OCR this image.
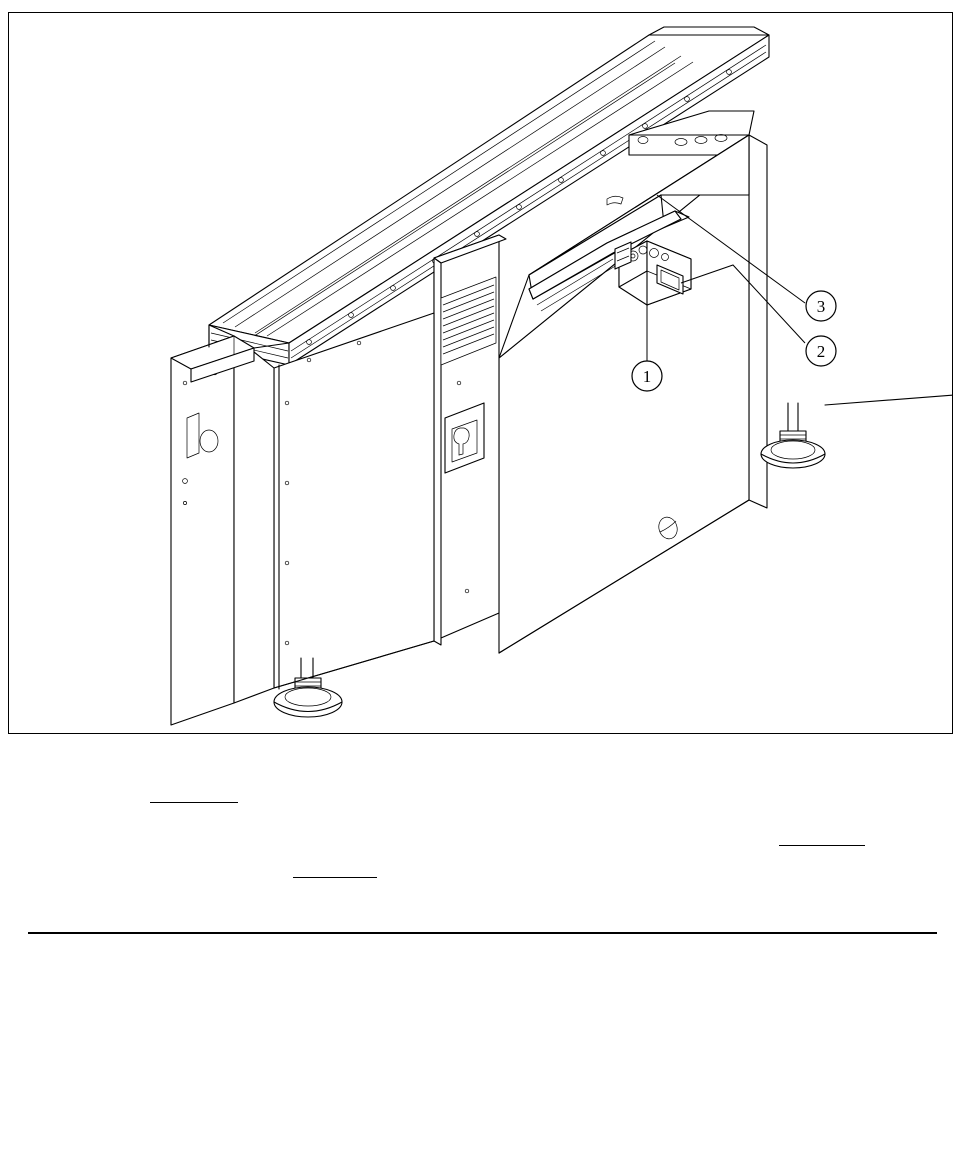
3
2
1
